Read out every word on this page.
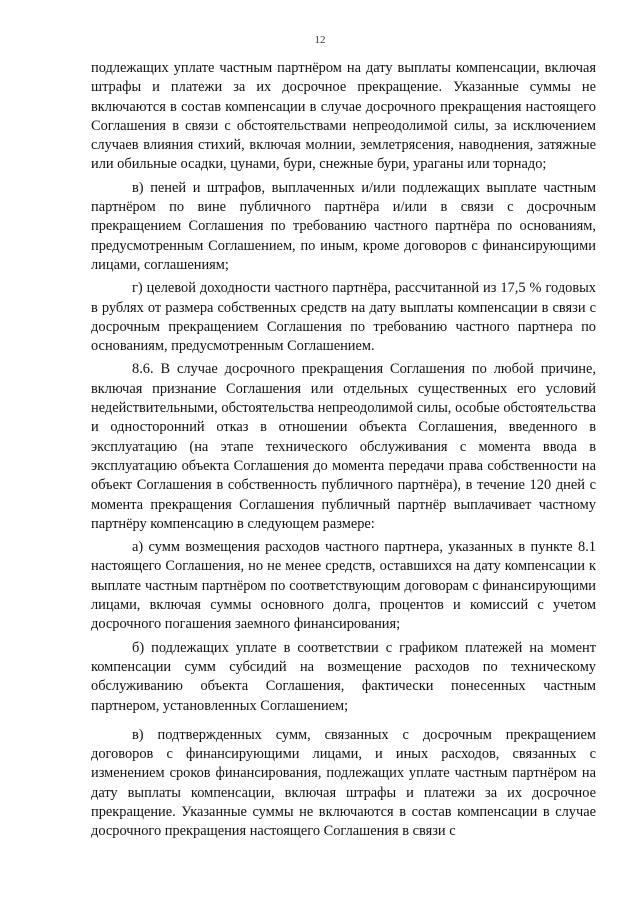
12

подлежащих уплате частным партнёром на дату выплаты компенсации, включая штрафы и платежи за их досрочное прекращение. Указанные суммы не включаются в состав компенсации в случае досрочного прекращения настоящего Соглашения в связи с обстоятельствами непреодолимой силы, за исключением случаев влияния стихий, включая молнии, землетрясения, наводнения, затяжные или обильные осадки, цунами, бури, снежные бури, ураганы или торнадо;

в) пеней и штрафов, выплаченных и/или подлежащих выплате частным партнёром по вине публичного партнёра и/или в связи с досрочным прекращением Соглашения по требованию частного партнёра по основаниям, предусмотренным Соглашением, по иным, кроме договоров с финансирующими лицами, соглашениям;

г) целевой доходности частного партнёра, рассчитанной из 17,5 % годовых в рублях от размера собственных средств на дату выплаты компенсации в связи с досрочным прекращением Соглашения по требованию частного партнера по основаниям, предусмотренным Соглашением.

8.6. В случае досрочного прекращения Соглашения по любой причине, включая признание Соглашения или отдельных существенных его условий недействительными, обстоятельства непреодолимой силы, особые обстоятельства и односторонний отказ в отношении объекта Соглашения, введенного в эксплуатацию (на этапе технического обслуживания с момента ввода в эксплуатацию объекта Соглашения до момента передачи права собственности на объект Соглашения в собственность публичного партнёра), в течение 120 дней с момента прекращения Соглашения публичный партнёр выплачивает частному партнёру компенсацию в следующем размере:

а) сумм возмещения расходов частного партнера, указанных в пункте 8.1 настоящего Соглашения, но не менее средств, оставшихся на дату компенсации к выплате частным партнёром по соответствующим договорам с финансирующими лицами, включая суммы основного долга, процентов и комиссий с учетом досрочного погашения заемного финансирования;

б) подлежащих уплате в соответствии с графиком платежей на момент компенсации сумм субсидий на возмещение расходов по техническому обслуживанию объекта Соглашения, фактически понесенных частным партнером, установленных Соглашением;

в) подтвержденных сумм, связанных с досрочным прекращением договоров с финансирующими лицами, и иных расходов, связанных с изменением сроков финансирования, подлежащих уплате частным партнёром на дату выплаты компенсации, включая штрафы и платежи за их досрочное прекращение. Указанные суммы не включаются в состав компенсации в случае досрочного прекращения настоящего Соглашения в связи с
